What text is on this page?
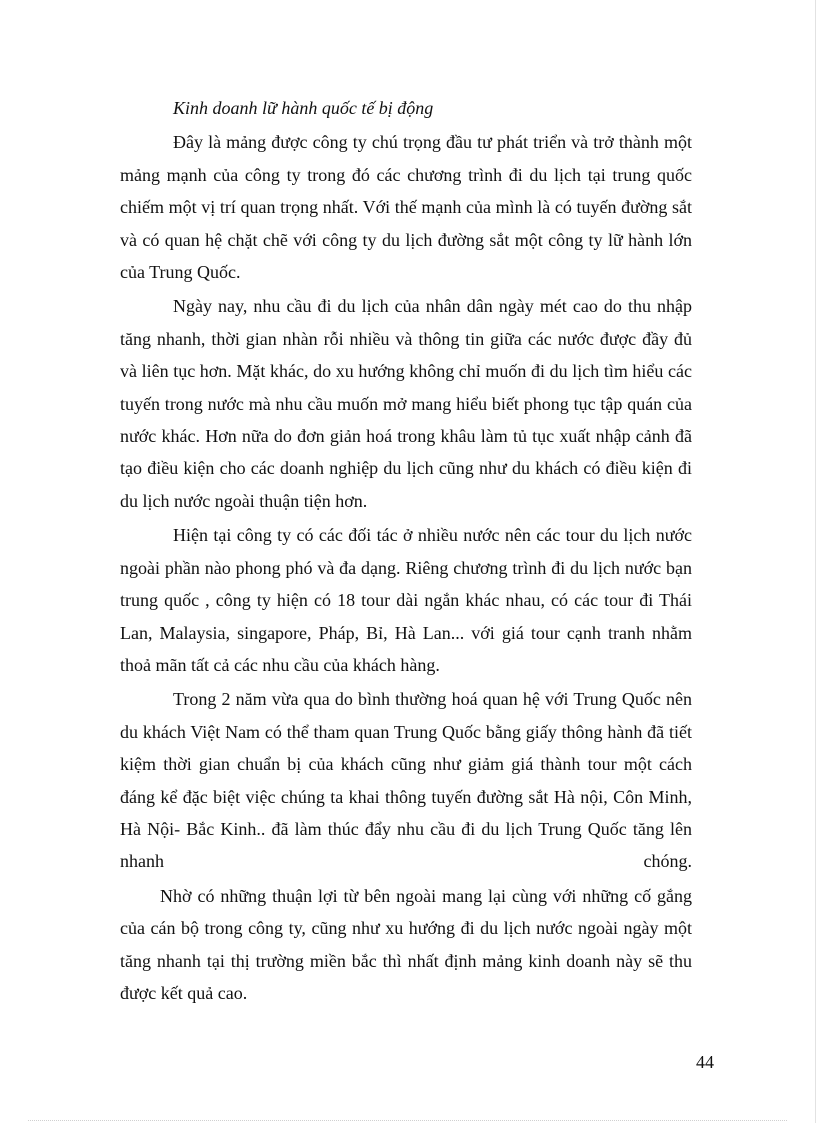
Kinh doanh lữ hành quốc tế bị động

Đây là mảng được công ty chú trọng đầu tư phát triển và trở thành một mảng mạnh của công ty trong đó các chương trình đi du lịch tại trung quốc chiếm một vị trí quan trọng nhất. Với thế mạnh của mình là có tuyến đường sắt và có quan hệ chặt chẽ với công ty du lịch đường sắt một công ty lữ hành lớn của Trung Quốc.

Ngày nay, nhu cầu đi du lịch của nhân dân ngày mét cao do thu nhập tăng nhanh, thời gian nhàn rỗi nhiều và thông tin giữa các nước được đầy đủ và liên tục hơn. Mặt khác, do xu hướng không chỉ muốn đi du lịch tìm hiểu các tuyến trong nước mà nhu cầu muốn mở mang hiểu biết phong tục tập quán của nước khác. Hơn nữa do đơn giản hoá trong khâu làm tủ tục xuất nhập cảnh đã tạo điều kiện cho các doanh nghiệp du lịch cũng như du khách có điều kiện đi du lịch nước ngoài thuận tiện hơn.

Hiện tại công ty có các đối tác ở nhiều nước nên các tour du lịch nước ngoài phần nào phong phó và đa dạng. Riêng chương trình đi du lịch nước bạn trung quốc , công ty hiện có 18 tour dài ngắn khác nhau, có các tour đi Thái Lan, Malaysia, singapore, Pháp, Bỉ, Hà Lan... với giá tour cạnh tranh nhằm thoả mãn tất cả các nhu cầu của khách hàng.

Trong 2 năm vừa qua do bình thường hoá quan hệ với Trung Quốc nên du khách Việt Nam có thể tham quan Trung Quốc bằng giấy thông hành đã tiết kiệm thời gian chuẩn bị của khách cũng như giảm giá thành tour một cách đáng kể đặc biệt việc chúng ta khai thông tuyến đường sắt Hà nội, Côn Minh, Hà Nội- Bắc Kinh.. đã làm thúc đẩy nhu cầu đi du lịch Trung Quốc tăng lên nhanh chóng.

Nhờ có những thuận lợi từ bên ngoài mang lại cùng với những cố gắng của cán bộ trong công ty, cũng như xu hướng đi du lịch nước ngoài ngày một tăng nhanh tại thị trường miền bắc thì nhất định mảng kinh doanh này sẽ thu được kết quả cao.

44
